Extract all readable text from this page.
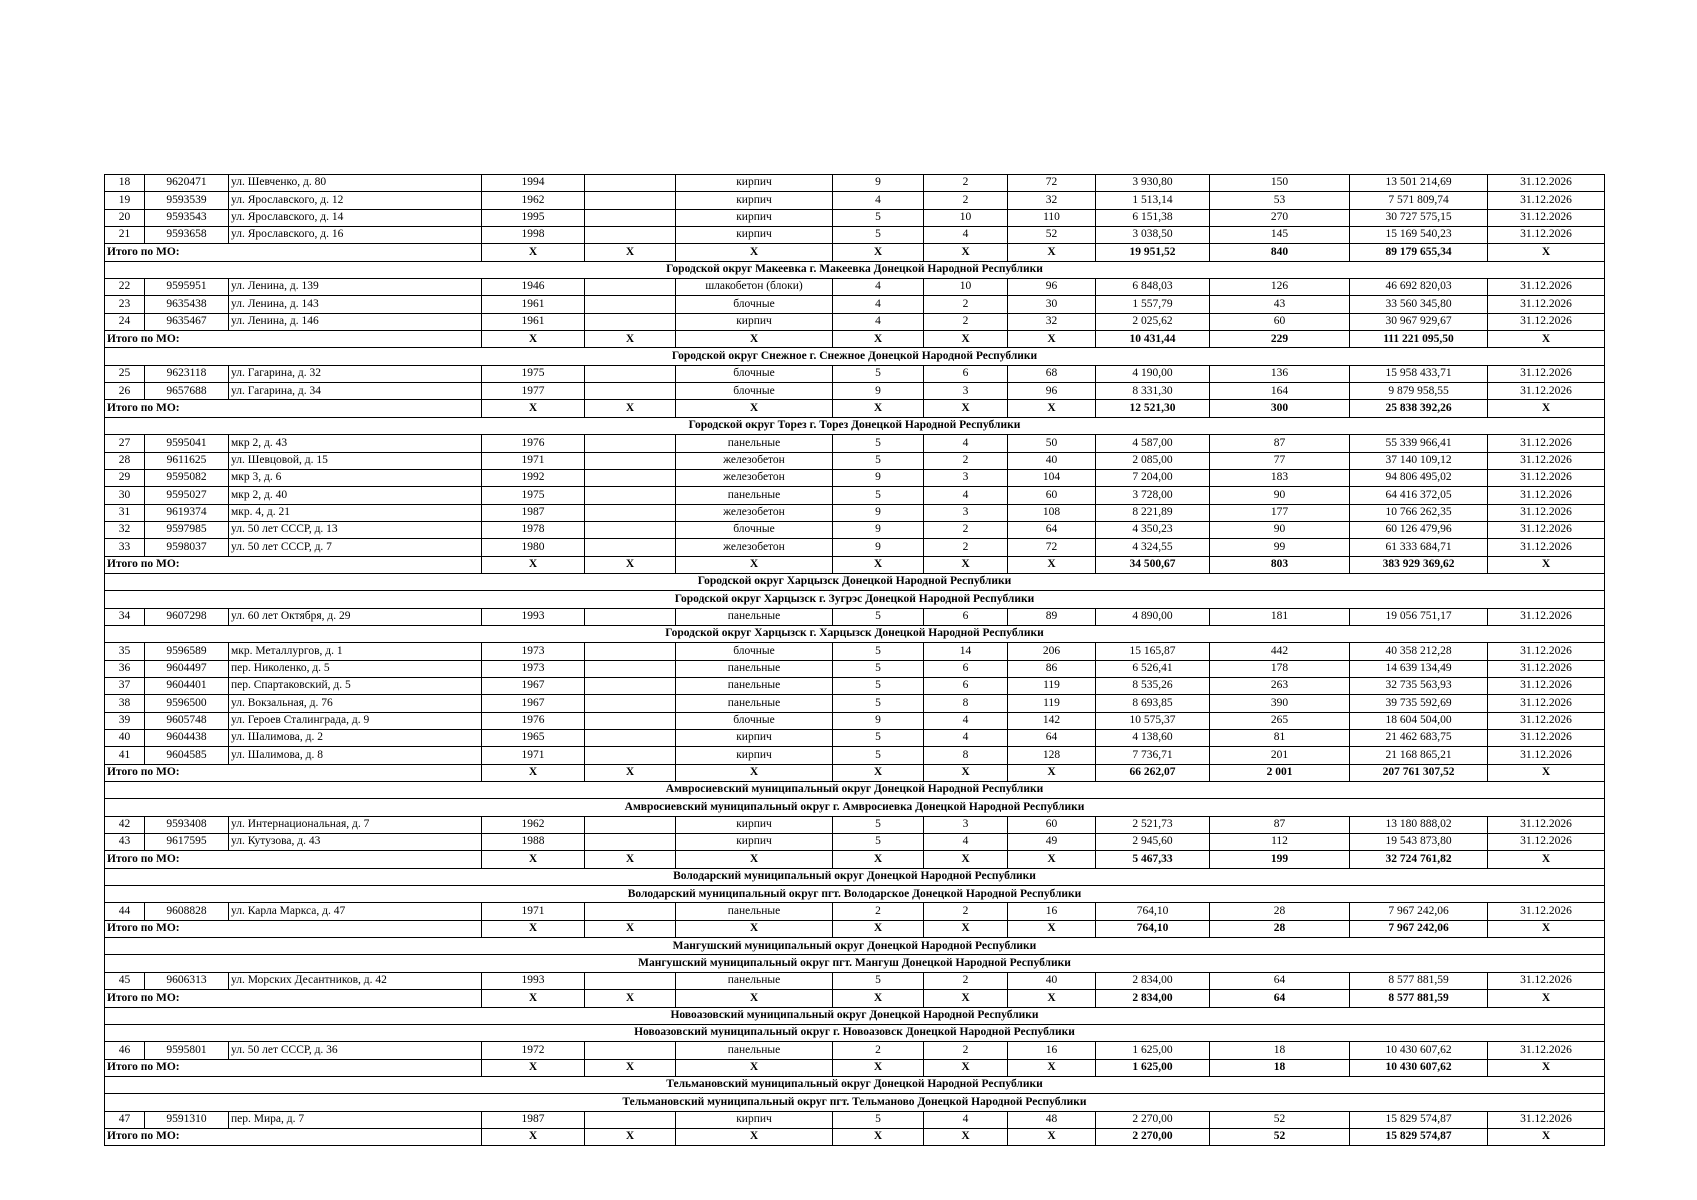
18	9620471	ул. Шевченко, д. 80	1994		кирпич	9	2	72	3 930,80	150	13 501 214,69	31.12.2026
19	9593539	ул. Ярославского, д. 12	1962		кирпич	4	2	32	1 513,14	53	7 571 809,74	31.12.2026
20	9593543	ул. Ярославского, д. 14	1995		кирпич	5	10	110	6 151,38	270	30 727 575,15	31.12.2026
21	9593658	ул. Ярославского, д. 16	1998		кирпич	5	4	52	3 038,50	145	15 169 540,23	31.12.2026
Итого по МО:			X	X	X	X	X	X	19 951,52	840	89 179 655,34	X
Городской округ Макеевка г. Макеевка Донецкой Народной Республики												
22	9595951	ул. Ленина, д. 139	1946		шлакобетон (блоки)	4	10	96	6 848,03	126	46 692 820,03	31.12.2026
23	9635438	ул. Ленина, д. 143	1961		блочные	4	2	30	1 557,79	43	33 560 345,80	31.12.2026
24	9635467	ул. Ленина, д. 146	1961		кирпич	4	2	32	2 025,62	60	30 967 929,67	31.12.2026
Итого по МО:			X	X	X	X	X	X	10 431,44	229	111 221 095,50	X
Городской округ Снежное г. Снежное Донецкой Народной Республики												
25	9623118	ул. Гагарина, д. 32	1975		блочные	5	6	68	4 190,00	136	15 958 433,71	31.12.2026
26	9657688	ул. Гагарина, д. 34	1977		блочные	9	3	96	8 331,30	164	9 879 958,55	31.12.2026
Итого по МО:			X	X	X	X	X	X	12 521,30	300	25 838 392,26	X
Городской округ Торез г. Торез Донецкой Народной Республики												
27	9595041	мкр 2, д. 43	1976		панельные	5	4	50	4 587,00	87	55 339 966,41	31.12.2026
28	9611625	ул. Шевцовой, д. 15	1971		железобетон	5	2	40	2 085,00	77	37 140 109,12	31.12.2026
29	9595082	мкр 3, д. 6	1992		железобетон	9	3	104	7 204,00	183	94 806 495,02	31.12.2026
30	9595027	мкр 2, д. 40	1975		панельные	5	4	60	3 728,00	90	64 416 372,05	31.12.2026
31	9619374	мкр. 4, д. 21	1987		железобетон	9	3	108	8 221,89	177	10 766 262,35	31.12.2026
32	9597985	ул. 50 лет СССР, д. 13	1978		блочные	9	2	64	4 350,23	90	60 126 479,96	31.12.2026
33	9598037	ул. 50 лет СССР, д. 7	1980		железобетон	9	2	72	4 324,55	99	61 333 684,71	31.12.2026
Итого по МО:			X	X	X	X	X	X	34 500,67	803	383 929 369,62	X
Городской округ Харцызск Донецкой Народной Республики												
Городской округ Харцызск г. Зугрэс Донецкой Народной Республики												
34	9607298	ул. 60 лет Октября, д. 29	1993		панельные	5	6	89	4 890,00	181	19 056 751,17	31.12.2026
Городской округ Харцызск г. Харцызск Донецкой Народной Республики												
35	9596589	мкр. Металлургов, д. 1	1973		блочные	5	14	206	15 165,87	442	40 358 212,28	31.12.2026
36	9604497	пер. Николенко, д. 5	1973		панельные	5	6	86	6 526,41	178	14 639 134,49	31.12.2026
37	9604401	пер. Спартаковский, д. 5	1967		панельные	5	6	119	8 535,26	263	32 735 563,93	31.12.2026
38	9596500	ул. Вокзальная, д. 76	1967		панельные	5	8	119	8 693,85	390	39 735 592,69	31.12.2026
39	9605748	ул. Героев Сталинграда, д. 9	1976		блочные	9	4	142	10 575,37	265	18 604 504,00	31.12.2026
40	9604438	ул. Шалимова, д. 2	1965		кирпич	5	4	64	4 138,60	81	21 462 683,75	31.12.2026
41	9604585	ул. Шалимова, д. 8	1971		кирпич	5	8	128	7 736,71	201	21 168 865,21	31.12.2026
Итого по МО:			X	X	X	X	X	X	66 262,07	2 001	207 761 307,52	X
Амвросиевский муниципальный округ Донецкой Народной Республики												
Амвросиевский муниципальный округ г. Амвросиевка Донецкой Народной Республики												
42	9593408	ул. Интернациональная, д. 7	1962		кирпич	5	3	60	2 521,73	87	13 180 888,02	31.12.2026
43	9617595	ул. Кутузова, д. 43	1988		кирпич	5	4	49	2 945,60	112	19 543 873,80	31.12.2026
Итого по МО:			X	X	X	X	X	X	5 467,33	199	32 724 761,82	X
Володарский муниципальный округ Донецкой Народной Республики												
Володарский муниципальный округ пгт. Володарское Донецкой Народной Республики												
44	9608828	ул. Карла Маркса, д. 47	1971		панельные	2	2	16	764,10	28	7 967 242,06	31.12.2026
Итого по МО:			X	X	X	X	X	X	764,10	28	7 967 242,06	X
Мангушский муниципальный округ Донецкой Народной Республики												
Мангушский муниципальный округ пгт. Мангуш Донецкой Народной Республики												
45	9606313	ул. Морских Десантников, д. 42	1993		панельные	5	2	40	2 834,00	64	8 577 881,59	31.12.2026
Итого по МО:			X	X	X	X	X	X	2 834,00	64	8 577 881,59	X
Новоазовский муниципальный округ Донецкой Народной Республики												
Новоазовский муниципальный округ г. Новоазовск Донецкой Народной Республики												
46	9595801	ул. 50 лет СССР, д. 36	1972		панельные	2	2	16	1 625,00	18	10 430 607,62	31.12.2026
Итого по МО:			X	X	X	X	X	X	1 625,00	18	10 430 607,62	X
Тельмановский муниципальный округ Донецкой Народной Республики												
Тельмановский муниципальный округ пгт. Тельманово Донецкой Народной Республики												
47	9591310	пер. Мира, д. 7	1987		кирпич	5	4	48	2 270,00	52	15 829 574,87	31.12.2026
Итого по МО:			X	X	X	X	X	X	2 270,00	52	15 829 574,87	X
